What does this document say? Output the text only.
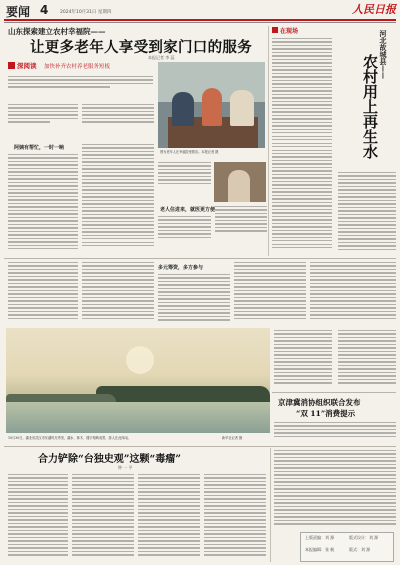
要闻 4	2024年10月31日 星期四	人民日报
山东探索建立农村幸福院——
让更多老年人享受到家门口的服务
本报记者 李 蕊
深阅读 加快补齐农村养老服务短板
阿姨有帮忙，一时一晌
图为老年人在幸福院里娱乐。本报记者 摄
老人住进来，就医更方便
在现场	河北故城县——
农村用上再生水
多元筹资，多方参与
10月30日，湖北省武汉市东湖风光秀美，湖水、林木、楼宇相映成景，游人在此休闲。	新华社记者 摄
京津冀消协组织联合发布
“双 11”消费提示
合力铲除“台独史观”这颗“毒瘤”
钟 一 平
上版责编：刘 源	版式设计：刘 源
本报编辑：张 帆	版式：刘 源
